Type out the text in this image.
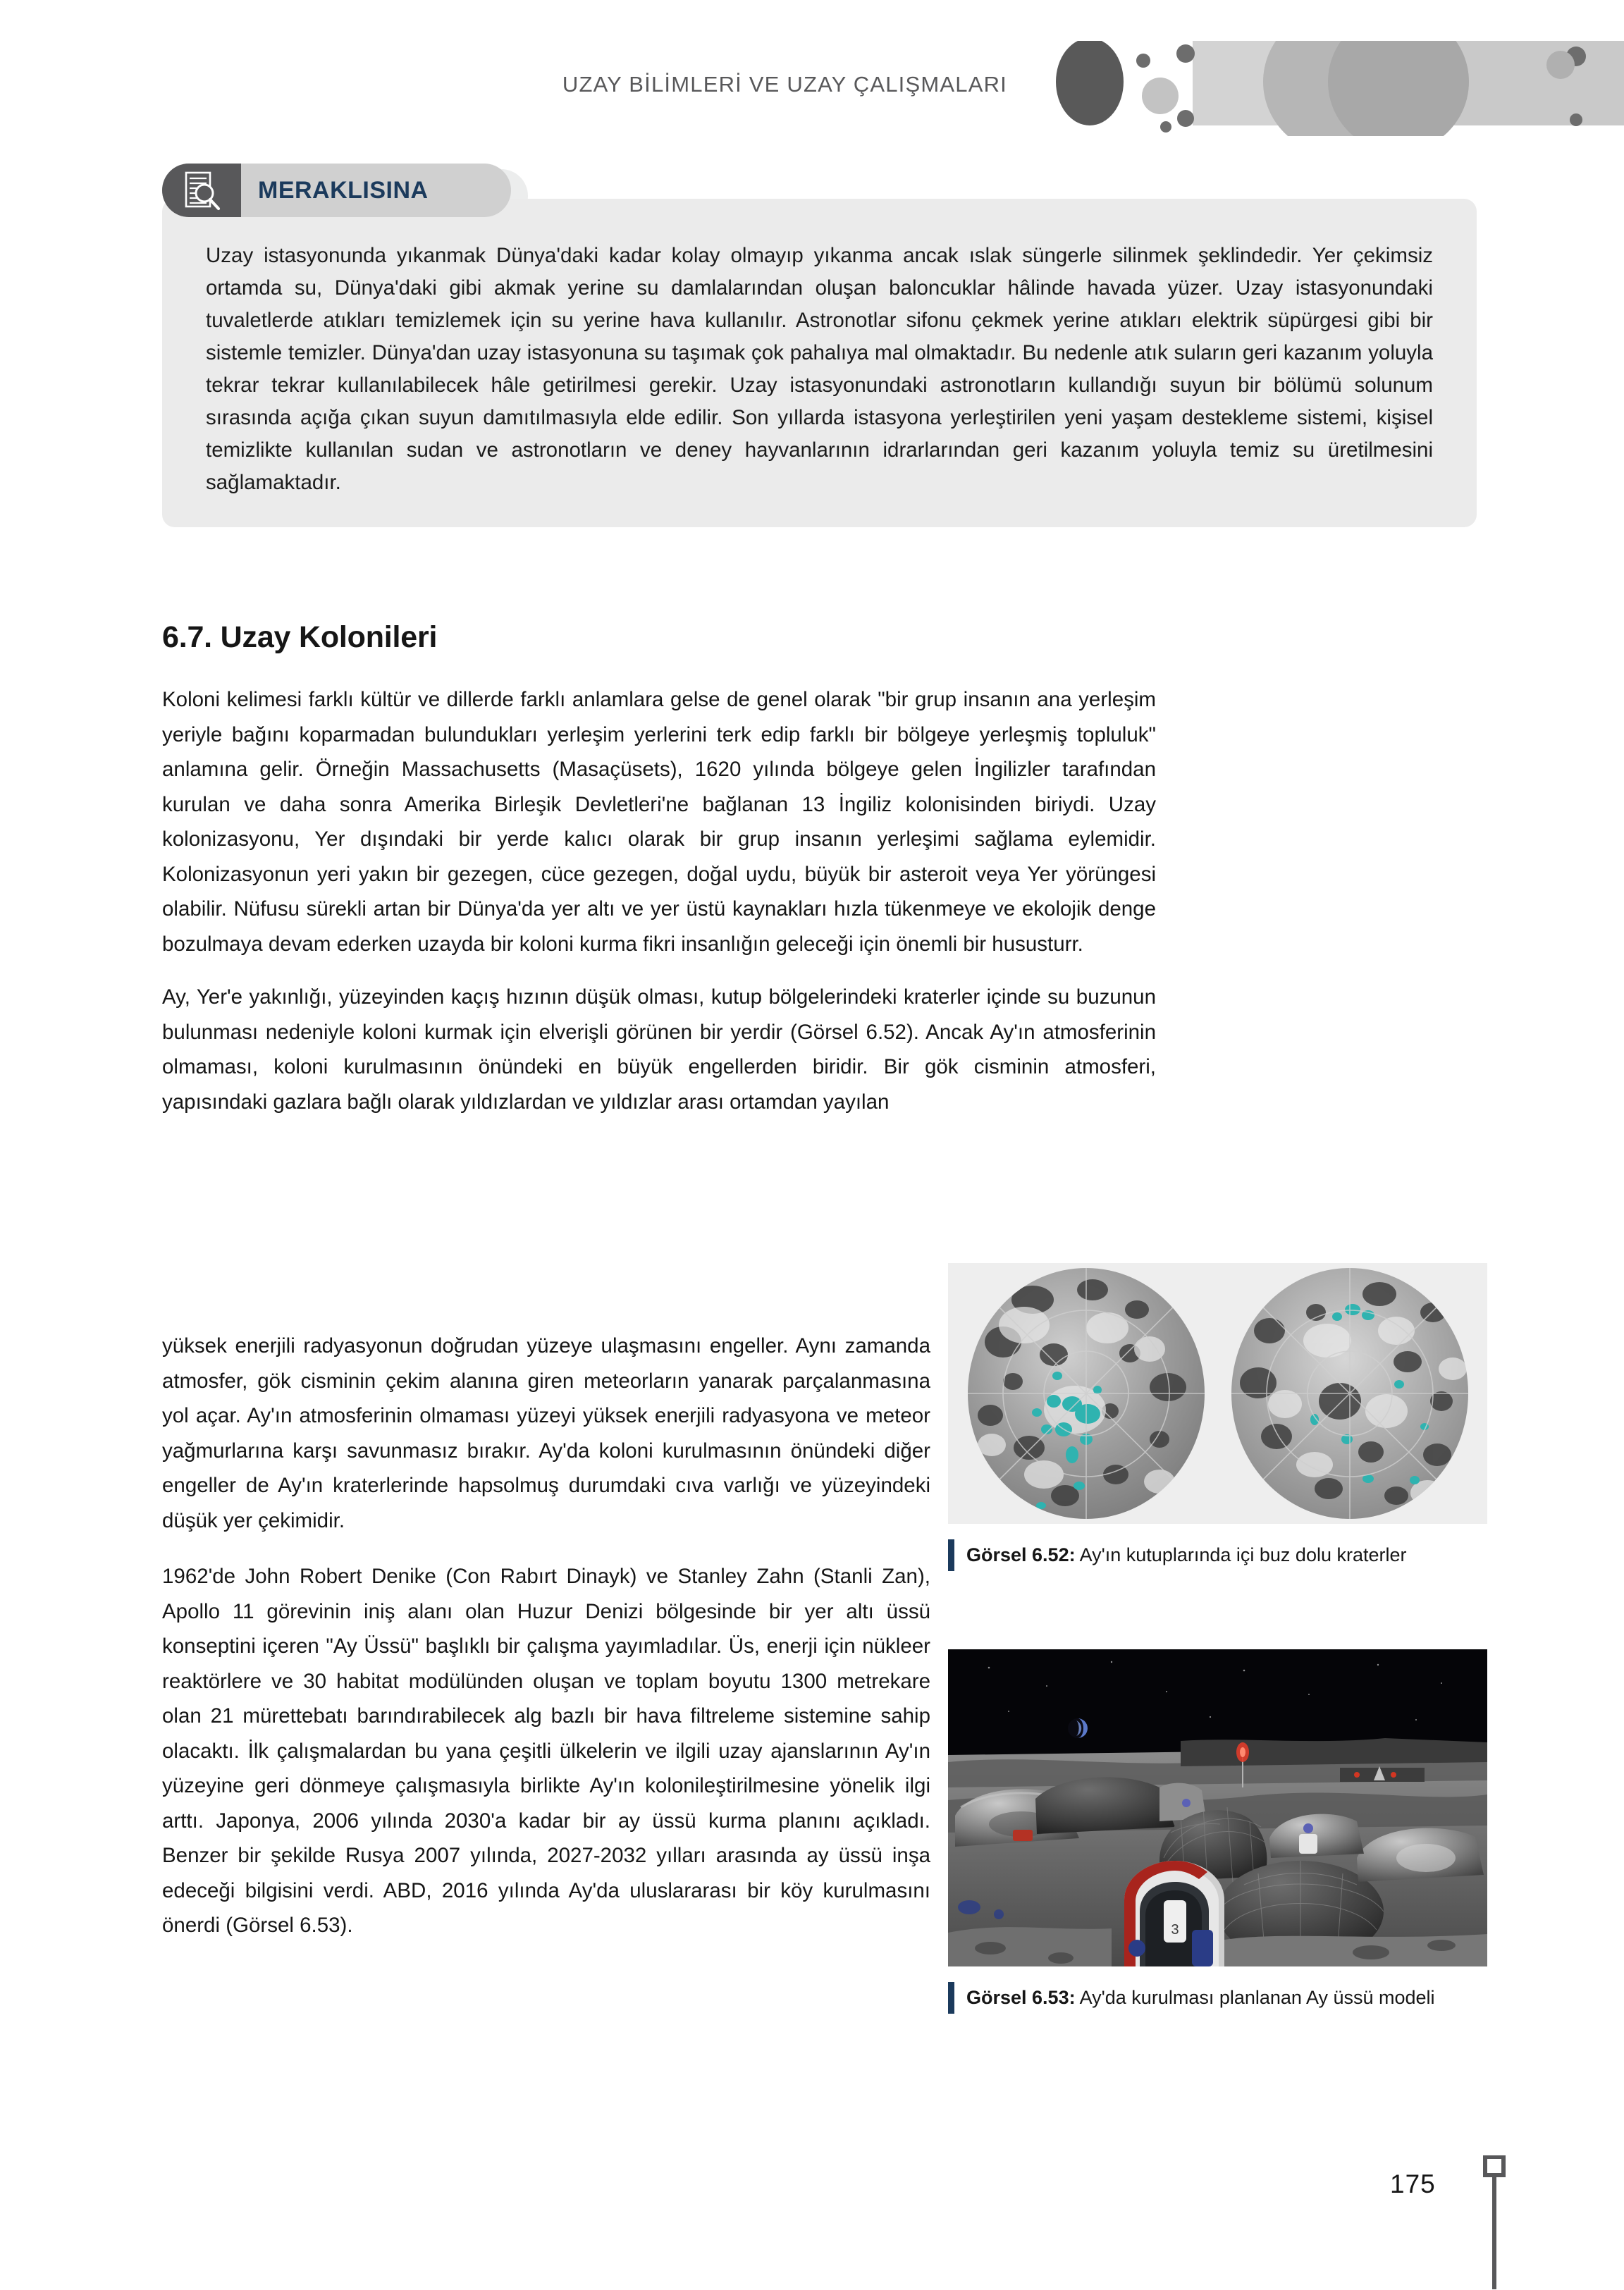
UZAY BİLİMLERİ VE UZAY ÇALIŞMALARI
MERAKLISINA

Uzay istasyonunda yıkanmak Dünya'daki kadar kolay olmayıp yıkanma ancak ıslak süngerle silinmek şeklindedir. Yer çekimsiz ortamda su, Dünya'daki gibi akmak yerine su damlalarından oluşan baloncuklar hâlinde havada yüzer. Uzay istasyonundaki tuvaletlerde atıkları temizlemek için su yerine hava kullanılır. Astronotlar sifonu çekmek yerine atıkları elektrik süpürgesi gibi bir sistemle temizler. Dünya'dan uzay istasyonuna su taşımak çok pahalıya mal olmaktadır. Bu nedenle atık suların geri kazanım yoluyla tekrar tekrar kullanılabilecek hâle getirilmesi gerekir. Uzay istasyonundaki astronotların kullandığı suyun bir bölümü solunum sırasında açığa çıkan suyun damıtılmasıyla elde edilir. Son yıllarda istasyona yerleştirilen yeni yaşam destekleme sistemi, kişisel temizlikte kullanılan sudan ve astronotların ve deney hayvanlarının idrarlarından geri kazanım yoluyla temiz su üretilmesini sağlamaktadır.

6.7. Uzay Kolonileri

Koloni kelimesi farklı kültür ve dillerde farklı anlamlara gelse de genel olarak "bir grup insanın ana yerleşim yeriyle bağını koparmadan bulundukları yerleşim yerlerini terk edip farklı bir bölgeye yerleşmiş topluluk" anlamına gelir. Örneğin Massachusetts (Masaçüsets), 1620 yılında bölgeye gelen İngilizler tarafından kurulan ve daha sonra Amerika Birleşik Devletleri'ne bağlanan 13 İngiliz kolonisinden biriydi. Uzay kolonizasyonu, Yer dışındaki bir yerde kalıcı olarak bir grup insanın yerleşimi sağlama eylemidir. Kolonizasyonun yeri yakın bir gezegen, cüce gezegen, doğal uydu, büyük bir asteroit veya Yer yörüngesi olabilir. Nüfusu sürekli artan bir Dünya'da yer altı ve yer üstü kaynakları hızla tükenmeye ve ekolojik denge bozulmaya devam ederken uzayda bir koloni kurma fikri insanlığın geleceği için önemli bir hususturr.

Ay, Yer'e yakınlığı, yüzeyinden kaçış hızının düşük olması, kutup bölgelerindeki kraterler içinde su buzunun bulunması nedeniyle koloni kurmak için elverişli görünen bir yerdir (Görsel 6.52). Ancak Ay'ın atmosferinin olmaması, koloni kurulmasının önündeki en büyük engellerden biridir. Bir gök cisminin atmosferi, yapısındaki gazlara bağlı olarak yıldızlardan ve yıldızlar arası ortamdan yayılan

yüksek enerjili radyasyonun doğrudan yüzeye ulaşmasını engeller. Aynı zamanda atmosfer, gök cisminin çekim alanına giren meteorların yanarak parçalanmasına yol açar. Ay'ın atmosferinin olmaması yüzeyi yüksek enerjili radyasyona ve meteor yağmurlarına karşı savunmasız bırakır. Ay'da koloni kurulmasının önündeki diğer engeller de Ay'ın kraterlerinde hapsolmuş durumdaki cıva varlığı ve yüzeyindeki düşük yer çekimidir.

1962'de John Robert Denike (Con Rabırt Dinayk) ve Stanley Zahn (Stanli Zan), Apollo 11 görevinin iniş alanı olan Huzur Denizi bölgesinde bir yer altı üssü konseptini içeren "Ay Üssü" başlıklı bir çalışma yayımladılar. Üs, enerji için nükleer reaktörlere ve 30 habitat modülünden oluşan ve toplam boyutu 1300 metrekare olan 21 mürettebatı barındırabilecek alg bazlı bir hava filtreleme sistemine sahip olacaktı. İlk çalışmalardan bu yana çeşitli ülkelerin ve ilgili uzay ajanslarının Ay'ın yüzeyine geri dönmeye çalışmasıyla birlikte Ay'ın kolonileştirilmesine yönelik ilgi arttı. Japonya, 2006 yılında 2030'a kadar bir ay üssü kurma planını açıkladı. Benzer bir şekilde Rusya 2007 yılında, 2027-2032 yılları arasında ay üssü inşa edeceği bilgisini verdi. ABD, 2016 yılında Ay'da uluslararası bir köy kurulmasını önerdi (Görsel 6.53).

Görsel 6.52: Ay'ın kutuplarında içi buz dolu kraterler
3
Görsel 6.53: Ay'da kurulması planlanan Ay üssü modeli
175
